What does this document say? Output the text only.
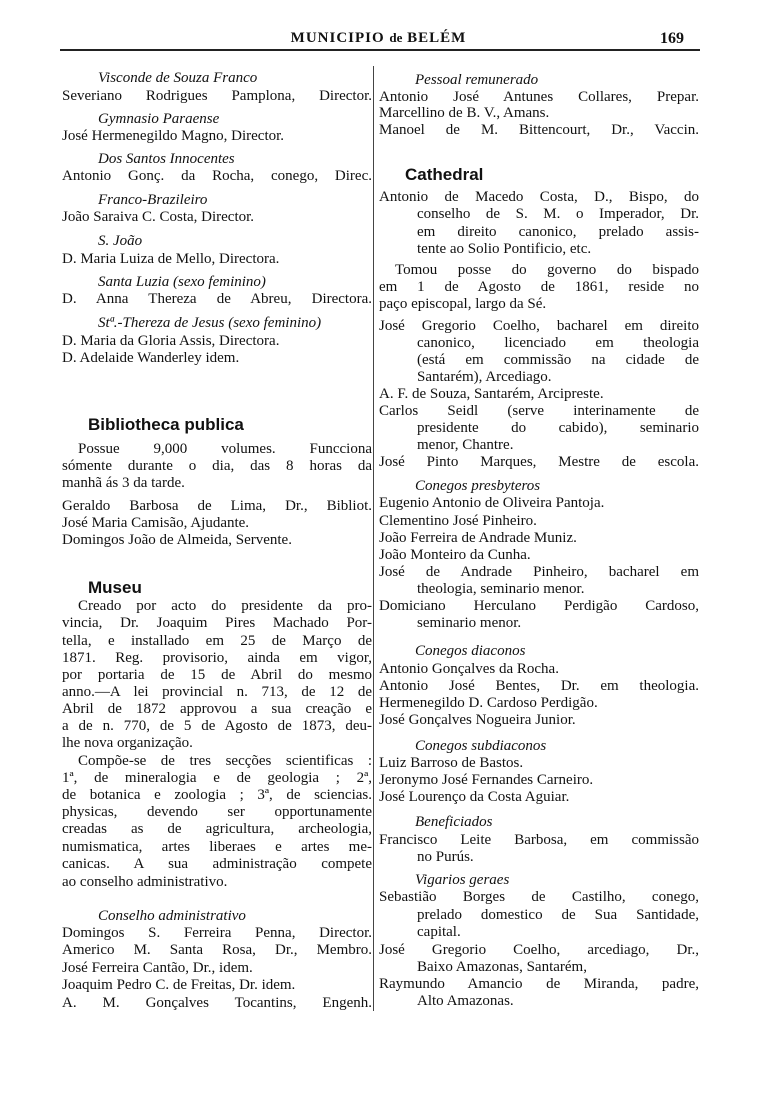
MUNICIPIO de BELÉM	169
Visconde de Souza Franco
Severiano Rodrigues Pamplona, Director.
Gymnasio Paraense
José Hermenegildo Magno, Director.
Dos Santos Innocentes
Antonio Gonç. da Rocha, conego, Direc.
Franco-Brazileiro
João Saraiva C. Costa, Director.
S. João
D. Maria Luiza de Mello, Directora.
Santa Luzia (sexo feminino)
D. Anna Thereza de Abreu, Directora.
Stª.-Thereza de Jesus (sexo feminino)
D. Maria da Gloria Assis, Directora.
D. Adelaide Wanderley idem.
Bibliotheca publica
Possue 9,000 volumes. Funcciona
sómente durante o dia, das 8 horas da
manhã ás 3 da tarde.
Geraldo Barbosa de Lima, Dr., Bibliot.
José Maria Camisão, Ajudante.
Domingos João de Almeida, Servente.
Museu
Creado por acto do presidente da pro-
vincia, Dr. Joaquim Pires Machado Por-
tella, e installado em 25 de Março de
1871. Reg. provisorio, ainda em vigor,
por portaria de 15 de Abril do mesmo
anno.—A lei provincial n. 713, de 12 de
Abril de 1872 approvou a sua creação e
a de n. 770, de 5 de Agosto de 1873, deu-
lhe nova organização.
Compõe-se de tres secções scientificas :
1ª, de mineralogia e de geologia ; 2ª,
de botanica e zoologia ; 3ª, de sciencias.
physicas, devendo ser opportunamente
creadas as de agricultura, archeologia,
numismatica, artes liberaes e artes me-
canicas. A sua administração compete
ao conselho administrativo.
Conselho administrativo
Domingos S. Ferreira Penna, Director.
Americo M. Santa Rosa, Dr., Membro.
José Ferreira Cantão, Dr., idem.
Joaquim Pedro C. de Freitas, Dr. idem.
A. M. Gonçalves Tocantins, Engenh.
Pessoal remunerado
Antonio José Antunes Collares, Prepar.
Marcellino de B. V., Amans.
Manoel de M. Bittencourt, Dr., Vaccin.
Cathedral
Antonio de Macedo Costa, D., Bispo, do
conselho de S. M. o Imperador, Dr.
em direito canonico, prelado assis-
tente ao Solio Pontificio, etc.
Tomou posse do governo do bispado
em 1 de Agosto de 1861, reside no
paço episcopal, largo da Sé.
José Gregorio Coelho, bacharel em direito
canonico, licenciado em theologia
(está em commissão na cidade de
Santarém), Arcediago.
A. F. de Souza, Santarém, Arcipreste.
Carlos Seidl (serve interinamente de
presidente do cabido), seminario
menor, Chantre.
José Pinto Marques, Mestre de escola.
Conegos presbyteros
Eugenio Antonio de Oliveira Pantoja.
Clementino José Pinheiro.
João Ferreira de Andrade Muniz.
João Monteiro da Cunha.
José de Andrade Pinheiro, bacharel em
theologia, seminario menor.
Domiciano Herculano Perdigão Cardoso,
seminario menor.
Conegos diaconos
Antonio Gonçalves da Rocha.
Antonio José Bentes, Dr. em theologia.
Hermenegildo D. Cardoso Perdigão.
José Gonçalves Nogueira Junior.
Conegos subdiaconos
Luiz Barroso de Bastos.
Jeronymo José Fernandes Carneiro.
José Lourenço da Costa Aguiar.
Beneficiados
Francisco Leite Barbosa, em commissão
no Purús.
Vigarios geraes
Sebastião Borges de Castilho, conego,
prelado domestico de Sua Santidade,
capital.
José Gregorio Coelho, arcediago, Dr.,
Baixo Amazonas, Santarém,
Raymundo Amancio de Miranda, padre,
Alto Amazonas.
